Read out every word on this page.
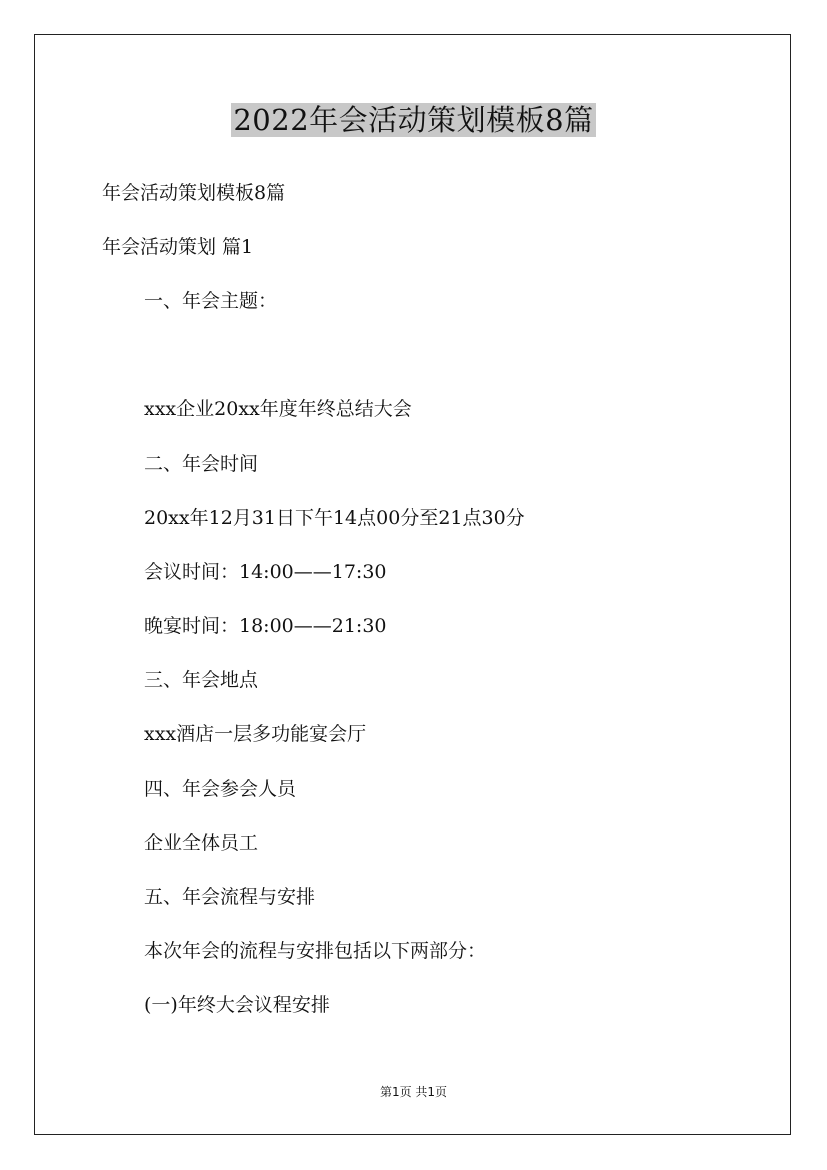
2022年会活动策划模板8篇
年会活动策划模板8篇
年会活动策划 篇1
一、年会主题：
xxx企业20xx年度年终总结大会
二、年会时间
20xx年12月31日下午14点00分至21点30分
会议时间：14:00——17:30
晚宴时间：18:00——21:30
三、年会地点
xxx酒店一层多功能宴会厅
四、年会参会人员
企业全体员工
五、年会流程与安排
本次年会的流程与安排包括以下两部分：
(一)年终大会议程安排
第1页 共1页
